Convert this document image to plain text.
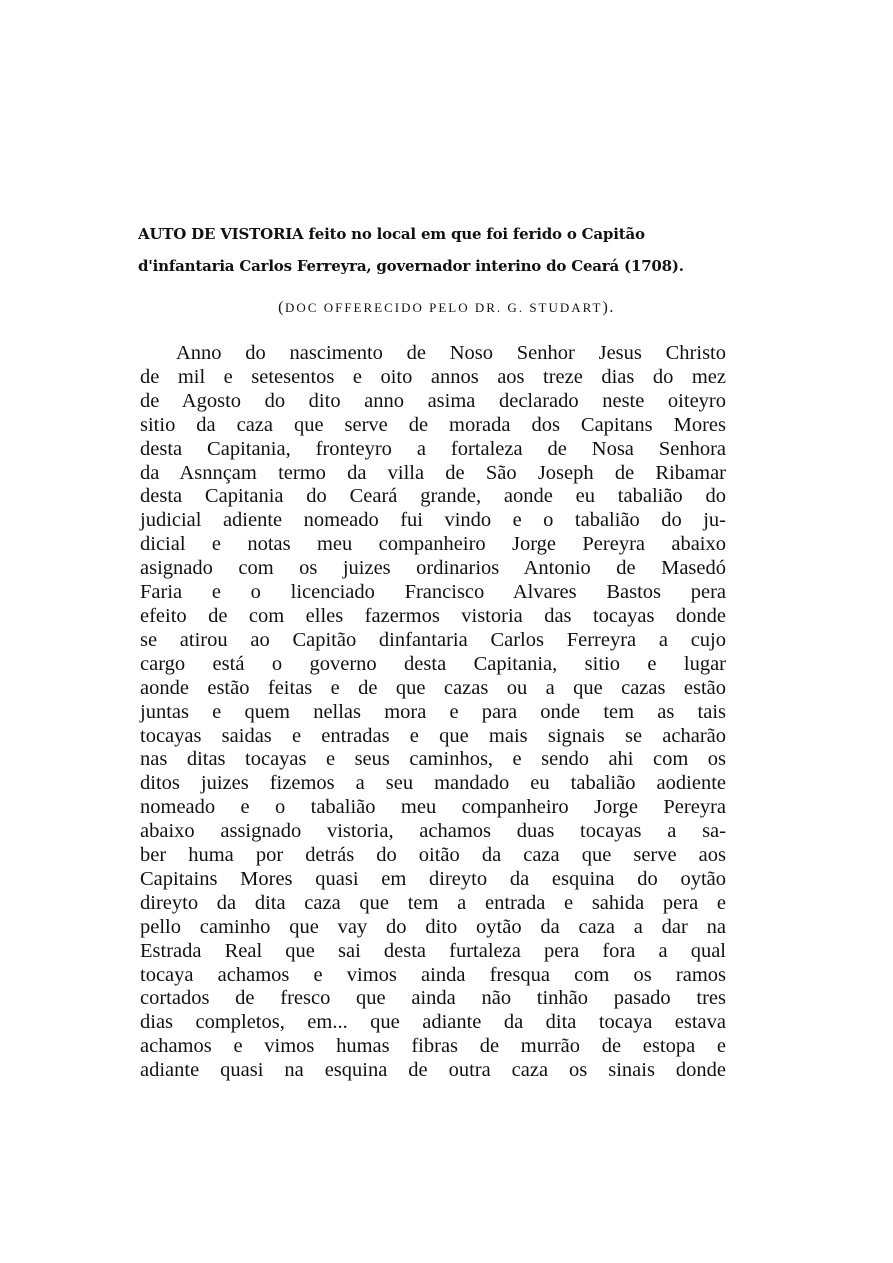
AUTO DE VISTORIA feito no local em que foi ferido o Capitão
d'infantaria Carlos Ferreyra, governador interino do Ceará (1708).
(DOC OFFERECIDO PELO DR. G. STUDART).
Anno do nascimento de Noso Senhor Jesus Christo
de mil e setesentos e oito annos aos treze dias do mez
de Agosto do dito anno asima declarado neste oiteyro
sitio da caza que serve de morada dos Capitans Mores
desta Capitania, fronteyro a fortaleza de Nosa Senhora
da Asnnçam termo da villa de São Joseph de Ribamar
desta Capitania do Ceará grande, aonde eu tabalião do
judicial adiente nomeado fui vindo e o tabalião do ju-
dicial e notas meu companheiro Jorge Pereyra abaixo
asignado com os juizes ordinarios Antonio de Masedó
Faria e o licenciado Francisco Alvares Bastos pera
efeito de com elles fazermos vistoria das tocayas donde
se atirou ao Capitão dinfantaria Carlos Ferreyra a cujo
cargo está o governo desta Capitania, sitio e lugar
aonde estão feitas e de que cazas ou a que cazas estão
juntas e quem nellas mora e para onde tem as tais
tocayas saidas e entradas e que mais signais se acharão
nas ditas tocayas e seus caminhos, e sendo ahi com os
ditos juizes fizemos a seu mandado eu tabalião aodiente
nomeado e o tabalião meu companheiro Jorge Pereyra
abaixo assignado vistoria, achamos duas tocayas a sa-
ber huma por detrás do oitão da caza que serve aos
Capitains Mores quasi em direyto da esquina do oytão
direyto da dita caza que tem a entrada e sahida pera e
pello caminho que vay do dito oytão da caza a dar na
Estrada Real que sai desta furtaleza pera fora a qual
tocaya achamos e vimos ainda fresqua com os ramos
cortados de fresco que ainda não tinhão pasado tres
dias completos, em... que adiante da dita tocaya estava
achamos e vimos humas fibras de murrão de estopa e
adiante quasi na esquina de outra caza os sinais donde
